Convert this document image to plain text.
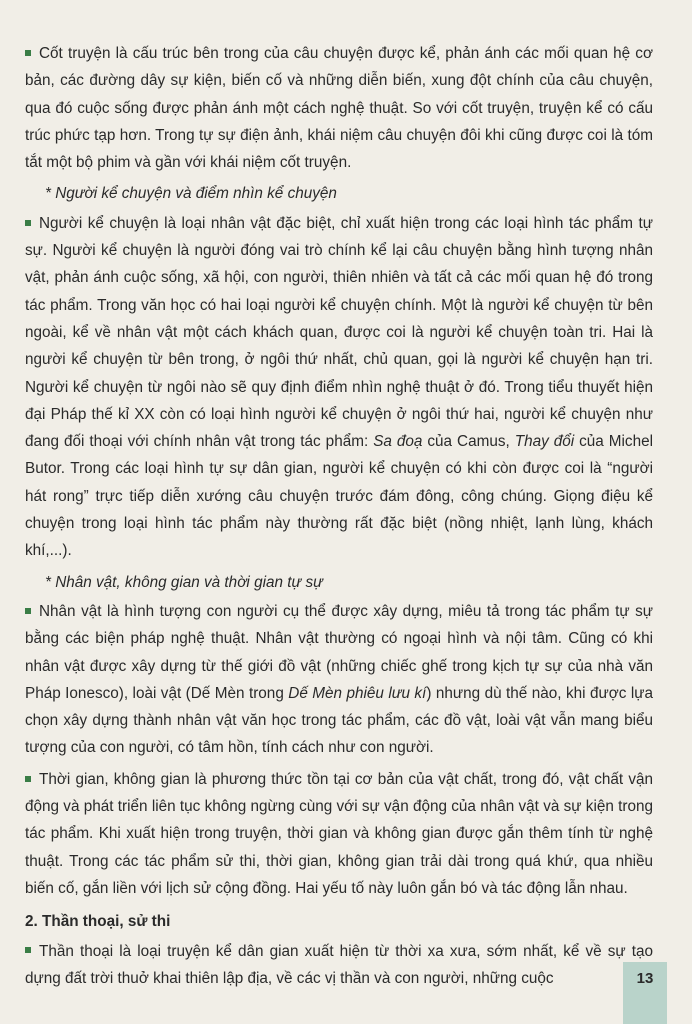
Cốt truyện là cấu trúc bên trong của câu chuyện được kể, phản ánh các mối quan hệ cơ bản, các đường dây sự kiện, biến cố và những diễn biến, xung đột chính của câu chuyện, qua đó cuộc sống được phản ánh một cách nghệ thuật. So với cốt truyện, truyện kể có cấu trúc phức tạp hơn. Trong tự sự điện ảnh, khái niệm câu chuyện đôi khi cũng được coi là tóm tắt một bộ phim và gần với khái niệm cốt truyện.

* Người kể chuyện và điểm nhìn kể chuyện

Người kể chuyện là loại nhân vật đặc biệt, chỉ xuất hiện trong các loại hình tác phẩm tự sự. Người kể chuyện là người đóng vai trò chính kể lại câu chuyện bằng hình tượng nhân vật, phản ánh cuộc sống, xã hội, con người, thiên nhiên và tất cả các mối quan hệ đó trong tác phẩm. Trong văn học có hai loại người kể chuyện chính. Một là người kể chuyện từ bên ngoài, kể về nhân vật một cách khách quan, được coi là người kể chuyện toàn tri. Hai là người kể chuyện từ bên trong, ở ngôi thứ nhất, chủ quan, gọi là người kể chuyện hạn tri. Người kể chuyện từ ngôi nào sẽ quy định điểm nhìn nghệ thuật ở đó. Trong tiểu thuyết hiện đại Pháp thế kỉ XX còn có loại hình người kể chuyện ở ngôi thứ hai, người kể chuyện như đang đối thoại với chính nhân vật trong tác phẩm: Sa đoạ của Camus, Thay đổi của Michel Butor. Trong các loại hình tự sự dân gian, người kể chuyện có khi còn được coi là “người hát rong” trực tiếp diễn xướng câu chuyện trước đám đông, công chúng. Giọng điệu kể chuyện trong loại hình tác phẩm này thường rất đặc biệt (nồng nhiệt, lạnh lùng, khách khí,...).

* Nhân vật, không gian và thời gian tự sự

Nhân vật là hình tượng con người cụ thể được xây dựng, miêu tả trong tác phẩm tự sự bằng các biện pháp nghệ thuật. Nhân vật thường có ngoại hình và nội tâm. Cũng có khi nhân vật được xây dựng từ thế giới đồ vật (những chiếc ghế trong kịch tự sự của nhà văn Pháp Ionesco), loài vật (Dế Mèn trong Dế Mèn phiêu lưu kí) nhưng dù thế nào, khi được lựa chọn xây dựng thành nhân vật văn học trong tác phẩm, các đồ vật, loài vật vẫn mang biểu tượng của con người, có tâm hồn, tính cách như con người.

Thời gian, không gian là phương thức tồn tại cơ bản của vật chất, trong đó, vật chất vận động và phát triển liên tục không ngừng cùng với sự vận động của nhân vật và sự kiện trong tác phẩm. Khi xuất hiện trong truyện, thời gian và không gian được gắn thêm tính từ nghệ thuật. Trong các tác phẩm sử thi, thời gian, không gian trải dài trong quá khứ, qua nhiều biến cố, gắn liền với lịch sử cộng đồng. Hai yếu tố này luôn gắn bó và tác động lẫn nhau.

2. Thần thoại, sử thi

Thần thoại là loại truyện kể dân gian xuất hiện từ thời xa xưa, sớm nhất, kể về sự tạo dựng đất trời thuở khai thiên lập địa, về các vị thần và con người, những cuộc	13
